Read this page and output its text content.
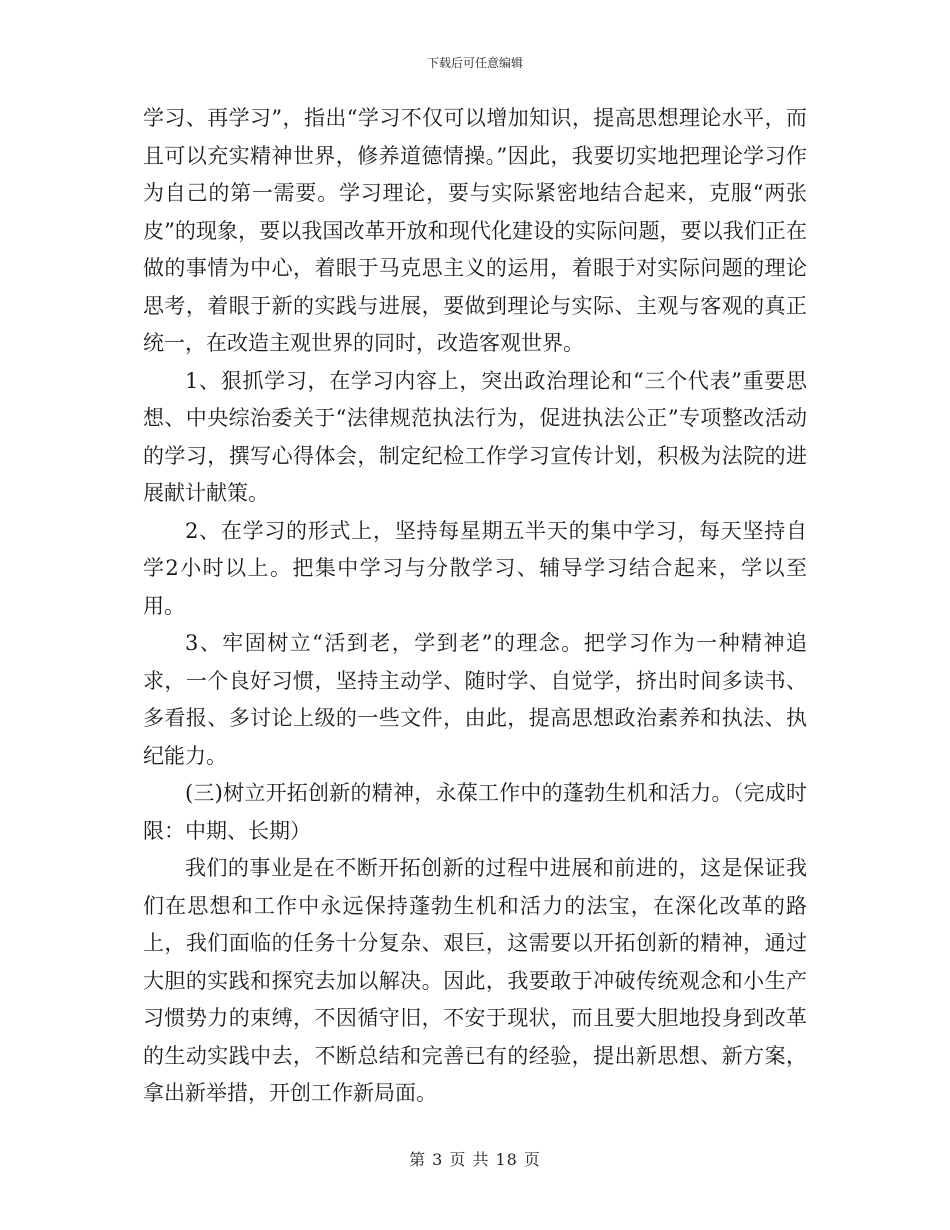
下载后可任意编辑

学习、再学习”，指出“学习不仅可以增加知识，提高思想理论水平，而且可以充实精神世界，修养道德情操。”因此，我要切实地把理论学习作为自己的第一需要。学习理论，要与实际紧密地结合起来，克服“两张皮”的现象，要以我国改革开放和现代化建设的实际问题，要以我们正在做的事情为中心，着眼于马克思主义的运用，着眼于对实际问题的理论思考，着眼于新的实践与进展，要做到理论与实际、主观与客观的真正统一，在改造主观世界的同时，改造客观世界。

1、狠抓学习，在学习内容上，突出政治理论和“三个代表”重要思想、中央综治委关于“法律规范执法行为，促进执法公正”专项整改活动的学习，撰写心得体会，制定纪检工作学习宣传计划，积极为法院的进展献计献策。

2、在学习的形式上，坚持每星期五半天的集中学习，每天坚持自学2小时以上。把集中学习与分散学习、辅导学习结合起来，学以至用。

3、牢固树立“活到老，学到老”的理念。把学习作为一种精神追求，一个良好习惯，坚持主动学、随时学、自觉学，挤出时间多读书、多看报、多讨论上级的一些文件，由此，提高思想政治素养和执法、执纪能力。

(三)树立开拓创新的精神，永葆工作中的蓬勃生机和活力。（完成时限：中期、长期）

我们的事业是在不断开拓创新的过程中进展和前进的，这是保证我们在思想和工作中永远保持蓬勃生机和活力的法宝，在深化改革的路上，我们面临的任务十分复杂、艰巨，这需要以开拓创新的精神，通过大胆的实践和探究去加以解决。因此，我要敢于冲破传统观念和小生产习惯势力的束缚，不因循守旧，不安于现状，而且要大胆地投身到改革的生动实践中去，不断总结和完善已有的经验，提出新思想、新方案，拿出新举措，开创工作新局面。

第 3 页 共 18 页
